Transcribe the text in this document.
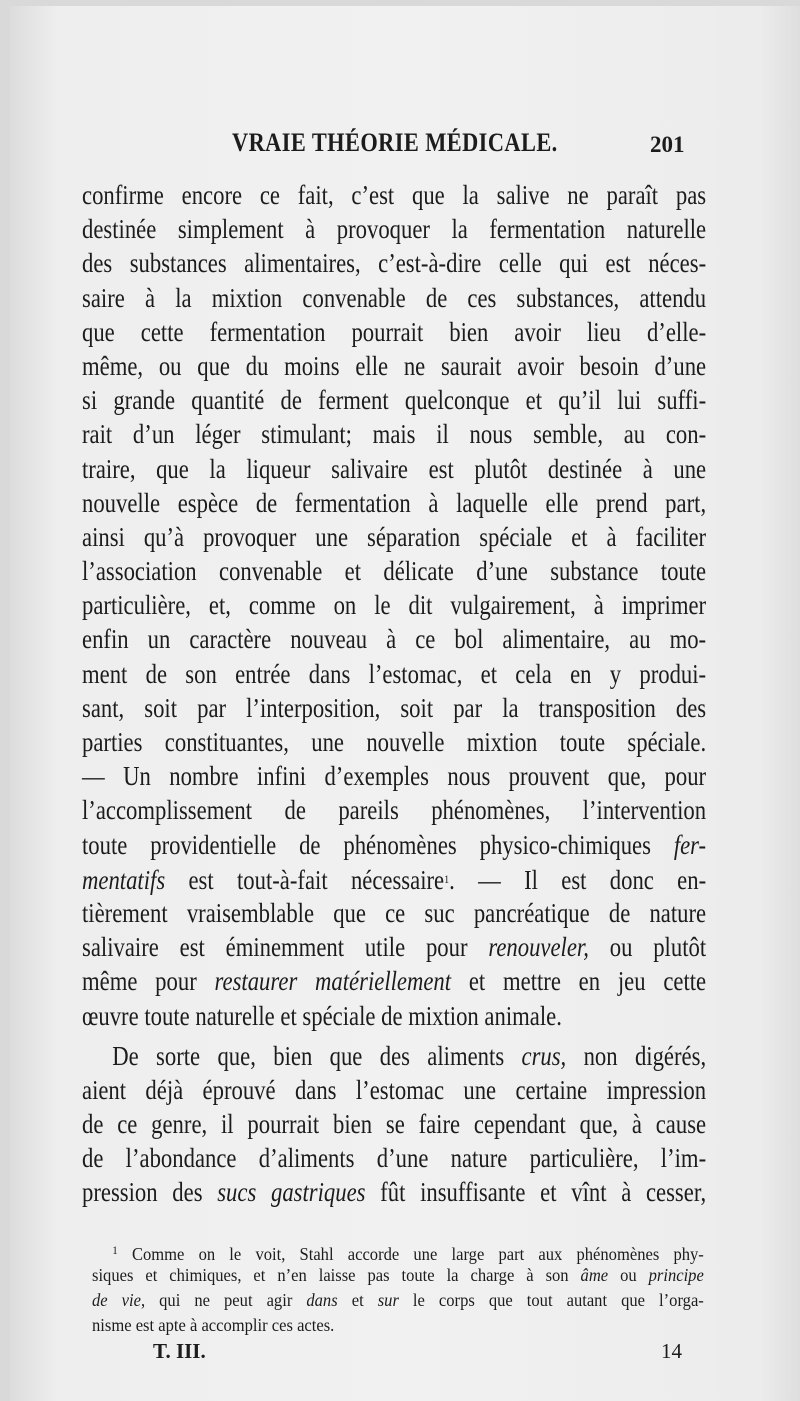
VRAIE THÉORIE MÉDICALE.	201
confirme encore ce fait, c’est que la salive ne paraît pas
destinée simplement à provoquer la fermentation naturelle
des substances alimentaires, c’est-à-dire celle qui est néces-
saire à la mixtion convenable de ces substances, attendu
que cette fermentation pourrait bien avoir lieu d’elle-
même, ou que du moins elle ne saurait avoir besoin d’une
si grande quantité de ferment quelconque et qu’il lui suffi-
rait d’un léger stimulant; mais il nous semble, au con-
traire, que la liqueur salivaire est plutôt destinée à une
nouvelle espèce de fermentation à laquelle elle prend part,
ainsi qu’à provoquer une séparation spéciale et à faciliter
l’association convenable et délicate d’une substance toute
particulière, et, comme on le dit vulgairement, à imprimer
enfin un caractère nouveau à ce bol alimentaire, au mo-
ment de son entrée dans l’estomac, et cela en y produi-
sant, soit par l’interposition, soit par la transposition des
parties constituantes, une nouvelle mixtion toute spéciale.
— Un nombre infini d’exemples nous prouvent que, pour
l’accomplissement de pareils phénomènes, l’intervention
toute providentielle de phénomènes physico-chimiques fer-
mentatifs est tout-à-fait nécessaire$^1$. — Il est donc en-
tièrement vraisemblable que ce suc pancréatique de nature
salivaire est éminemment utile pour renouveler, ou plutôt
même pour restaurer matériellement et mettre en jeu cette
œuvre toute naturelle et spéciale de mixtion animale.
De sorte que, bien que des aliments crus, non digérés,
aient déjà éprouvé dans l’estomac une certaine impression
de ce genre, il pourrait bien se faire cependant que, à cause
de l’abondance d’aliments d’une nature particulière, l’im-
pression des sucs gastriques fût insuffisante et vînt à cesser,
$^1$ Comme on le voit, Stahl accorde une large part aux phénomènes phy-
siques et chimiques, et n’en laisse pas toute la charge à son âme ou principe
de vie, qui ne peut agir dans et sur le corps que tout autant que l’orga-
nisme est apte à accomplir ces actes.
T. III.	14
